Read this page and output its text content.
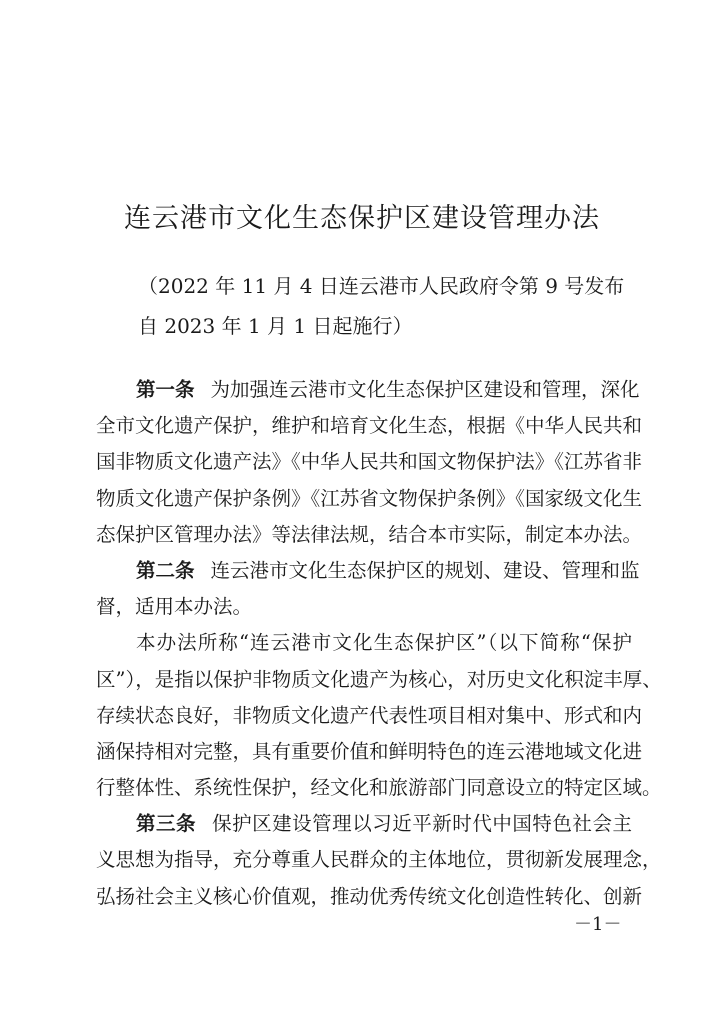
连云港市文化生态保护区建设管理办法

（2022 年 11 月 4 日连云港市人民政府令第 9 号发布

自 2023 年 1 月 1 日起施行）

第一条 为加强连云港市文化生态保护区建设和管理，深化
全市文化遗产保护，维护和培育文化生态，根据《中华人民共和
国非物质文化遗产法》《中华人民共和国文物保护法》《江苏省非
物质文化遗产保护条例》《江苏省文物保护条例》《国家级文化生
态保护区管理办法》等法律法规，结合本市实际，制定本办法。
第二条 连云港市文化生态保护区的规划、建设、管理和监
督，适用本办法。
本办法所称“连云港市文化生态保护区”（以下简称“保护
区”），是指以保护非物质文化遗产为核心，对历史文化积淀丰厚、
存续状态良好，非物质文化遗产代表性项目相对集中、形式和内
涵保持相对完整，具有重要价值和鲜明特色的连云港地域文化进
行整体性、系统性保护，经文化和旅游部门同意设立的特定区域。
第三条 保护区建设管理以习近平新时代中国特色社会主
义思想为指导，充分尊重人民群众的主体地位，贯彻新发展理念，
弘扬社会主义核心价值观，推动优秀传统文化创造性转化、创新

－1－
